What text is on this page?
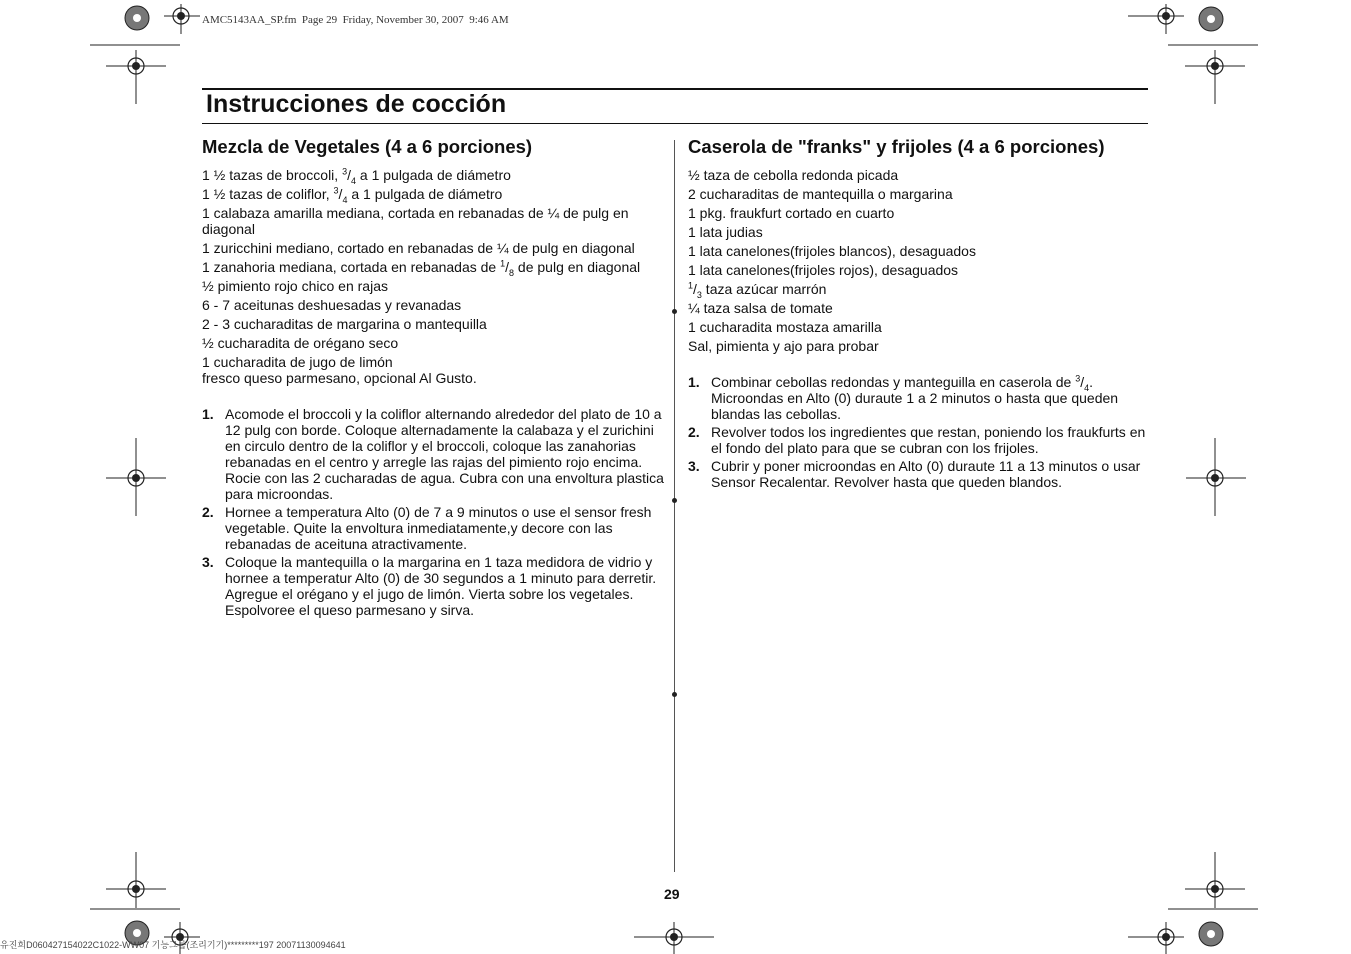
AMC5143AA_SP.fm  Page 29  Friday, November 30, 2007  9:46 AM
Instrucciones de cocción
Mezcla de Vegetales (4 a 6 porciones)

1 ½ tazas de broccoli, $^3/_4$ a 1 pulgada de diámetro

1 ½ tazas de coliflor, $^3/_4$ a 1 pulgada de diámetro

1 calabaza amarilla mediana, cortada en rebanadas de ¼ de pulg en diagonal

1 zuricchini mediano, cortado en rebanadas de ¼ de pulg en diagonal

1 zanahoria mediana, cortada en rebanadas de $^1/_8$ de pulg en diagonal

½ pimiento rojo chico en rajas

6 - 7 aceitunas deshuesadas y revanadas

2 - 3 cucharaditas de margarina o mantequilla

½ cucharadita de orégano seco

1 cucharadita de jugo de limón

fresco queso parmesano, opcional Al Gusto.

1. Acomode el broccoli y la coliflor alternando alrededor del plato de 10 a 12 pulg con borde. Coloque alternadamente la calabaza y el zurichini en circulo dentro de la coliflor y el broccoli, coloque las zanahorias rebanadas en el centro y arregle las rajas del pimiento rojo encima. Rocie con las 2 cucharadas de agua. Cubra con una envoltura plastica para microondas.
2. Hornee a temperatura Alto (0) de 7 a 9 minutos o use el sensor fresh vegetable. Quite la envoltura inmediatamente,y decore con las rebanadas de aceituna atractivamente.
3. Coloque la mantequilla o la margarina en 1 taza medidora de vidrio y hornee a temperatur Alto (0) de 30 segundos a 1 minuto para derretir. Agregue el orégano y el jugo de limón. Vierta sobre los vegetales. Espolvoree el queso parmesano y sirva.
Caserola de "franks" y frijoles (4 a 6 porciones)

½ taza de cebolla redonda picada

2 cucharaditas de mantequilla o margarina

1 pkg. fraukfurt cortado en cuarto

1 lata judias

1 lata canelones(frijoles blancos), desaguados

1 lata canelones(frijoles rojos), desaguados

$^1/_3$ taza azúcar marrón

¼ taza salsa de tomate

1 cucharadita mostaza amarilla

Sal, pimienta y ajo para probar

1. Combinar cebollas redondas y manteguilla en caserola de $^3/_4$. Microondas en Alto (0) duraute 1 a 2 minutos o hasta que queden blandas las cebollas.
2. Revolver todos los ingredientes que restan, poniendo los fraukfurts en el fondo del plato para que se cubran con los frijoles.
3. Cubrir y poner microondas en Alto (0) duraute 11 a 13 minutos o usar Sensor Recalentar. Revolver hasta que queden blandos.
29
유진희D060427154022C1022-WW07 기능그룹(조리기기)*********197 20071130094641
